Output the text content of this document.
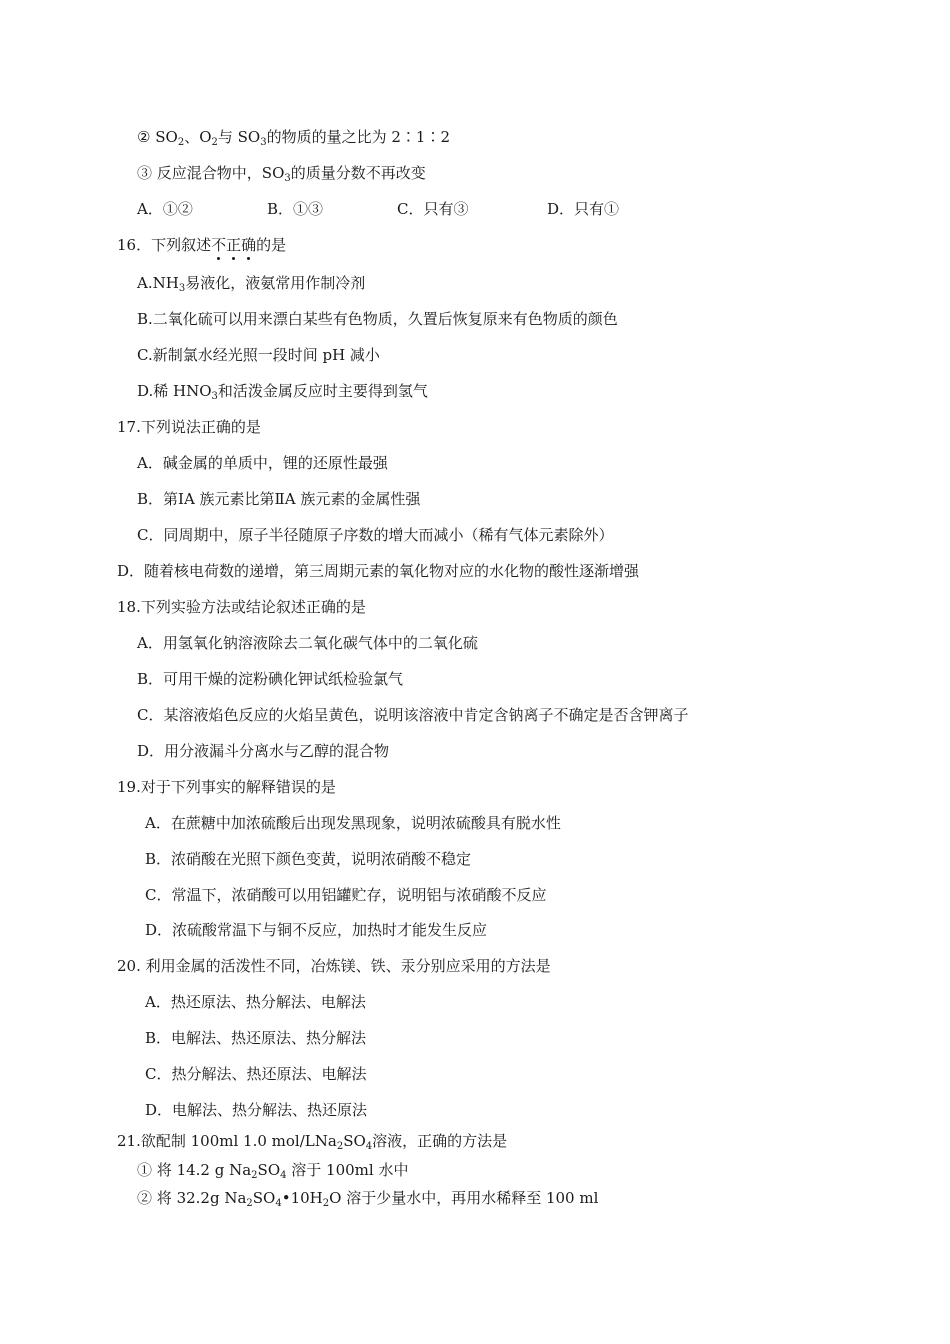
② $SO_2$、$O_2$与 $SO_3$的物质的量之比为 2∶1∶2
③ 反应混合物中，$SO_3$的质量分数不再改变
A．①②	B．①③	C．只有③	D．只有①
16．下列叙述不正确的是
$A.NH_3$易液化，液氨常用作制冷剂
B.二氧化硫可以用来漂白某些有色物质，久置后恢复原来有色物质的颜色
C.新制氯水经光照一段时间 pH 减小
D.稀 $HNO_3$和活泼金属反应时主要得到氢气
17.下列说法正确的是
A．碱金属的单质中，锂的还原性最强
B．第ⅠA 族元素比第ⅡA 族元素的金属性强
C．同周期中，原子半径随原子序数的增大而减小（稀有气体元素除外）
D．随着核电荷数的递增，第三周期元素的氧化物对应的水化物的酸性逐渐增强
18.下列实验方法或结论叙述正确的是
A．用氢氧化钠溶液除去二氧化碳气体中的二氧化硫
B．可用干燥的淀粉碘化钾试纸检验氯气
C．某溶液焰色反应的火焰呈黄色，说明该溶液中肯定含钠离子不确定是否含钾离子
D．用分液漏斗分离水与乙醇的混合物
19.对于下列事实的解释错误的是
A．在蔗糖中加浓硫酸后出现发黑现象，说明浓硫酸具有脱水性
B．浓硝酸在光照下颜色变黄，说明浓硝酸不稳定
C．常温下，浓硝酸可以用铝罐贮存，说明铝与浓硝酸不反应
D．浓硫酸常温下与铜不反应，加热时才能发生反应
20. 利用金属的活泼性不同，冶炼镁、铁、汞分别应采用的方法是
A．热还原法、热分解法、电解法
B．电解法、热还原法、热分解法
C．热分解法、热还原法、电解法
D．电解法、热分解法、热还原法
21.欲配制 100ml 1.0 mol/$LNa_2SO_4$溶液，正确的方法是
① 将 14.2 g $Na_2SO_4$ 溶于 100ml 水中
② 将 32.2g $Na_2SO_4•10H_2O$ 溶于少量水中，再用水稀释至 100 ml
